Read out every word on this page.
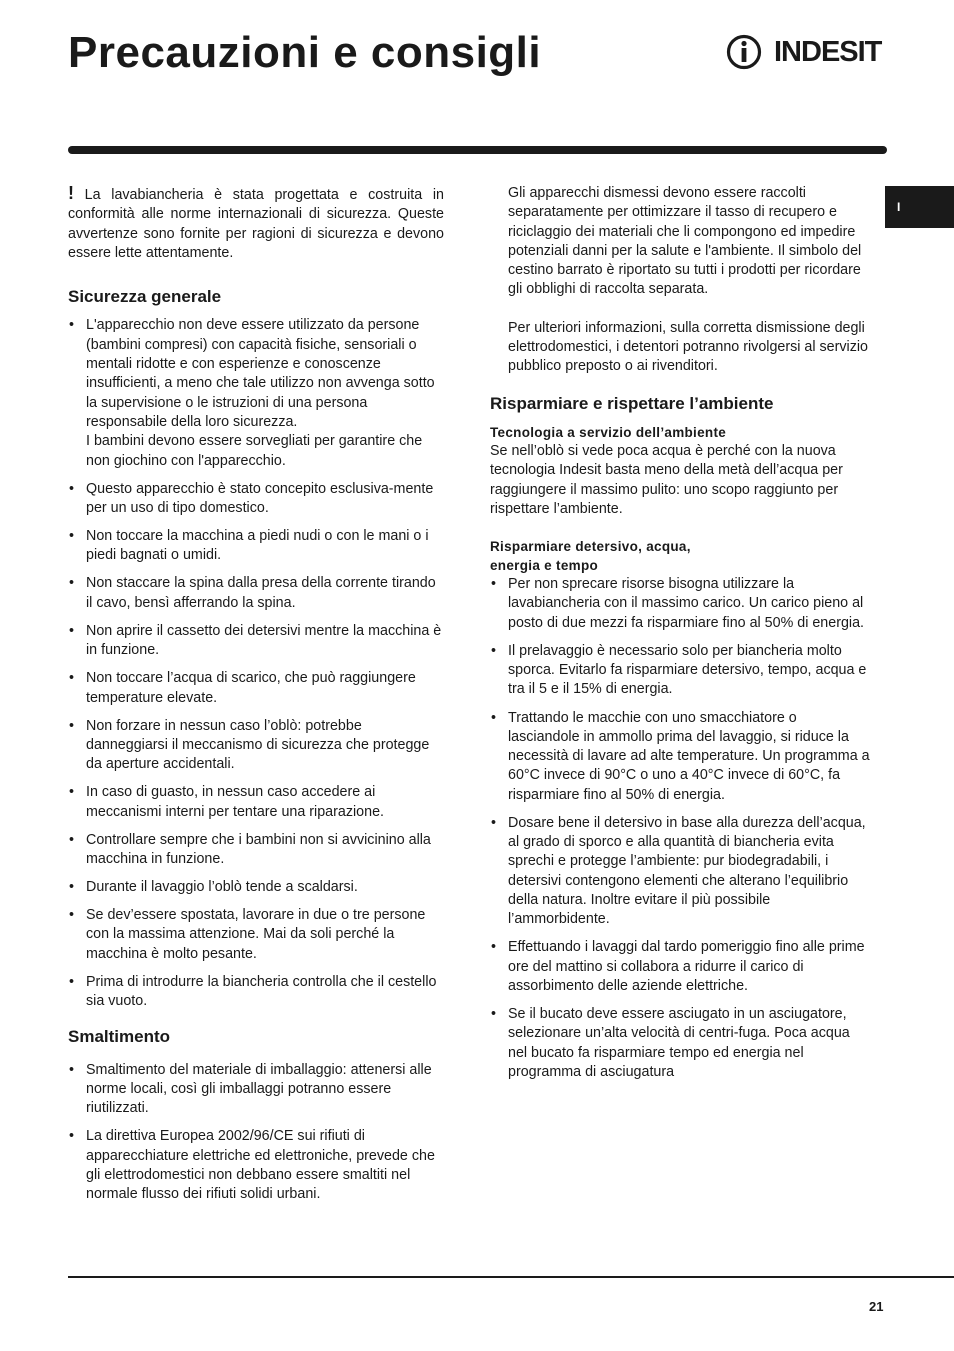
Precauzioni e consigli	INDESIT
I

! La lavabiancheria è stata progettata e costruita in conformità alle norme internazionali di sicurezza. Queste avvertenze sono fornite per ragioni di sicurezza e devono essere lette attentamente.

Sicurezza generale
• L'apparecchio non deve essere utilizzato da persone (bambini compresi) con capacità fisiche, sensoriali o mentali ridotte e con esperienze e conoscenze insufficienti, a meno che tale utilizzo non avvenga sotto la supervisione o le istruzioni di una persona responsabile della loro sicurezza.
I bambini devono essere sorvegliati per garantire che non giochino con l'apparecchio.
• Questo apparecchio è stato concepito esclusiva-mente per un uso di tipo domestico.
• Non toccare la macchina a piedi nudi o con le mani o i piedi bagnati o umidi.
• Non staccare la spina dalla presa della corrente tirando il cavo, bensì afferrando la spina.
• Non aprire il cassetto dei detersivi mentre la macchina è in funzione.
• Non toccare l’acqua di scarico, che può raggiungere temperature elevate.
• Non forzare in nessun caso l’oblò: potrebbe danneggiarsi il meccanismo di sicurezza che protegge da aperture accidentali.
• In caso di guasto, in nessun caso accedere ai meccanismi interni per tentare una riparazione.
• Controllare sempre che i bambini non si avvicinino alla macchina in funzione.
• Durante il lavaggio l’oblò tende a scaldarsi.
• Se dev’essere spostata, lavorare in due o tre persone con la massima attenzione. Mai da soli perché la macchina è molto pesante.
• Prima di introdurre la biancheria controlla che il cestello sia vuoto.
Smaltimento
• Smaltimento del materiale di imballaggio: attenersi alle norme locali, così gli imballaggi potranno essere riutilizzati.
• La direttiva Europea 2002/96/CE sui rifiuti di apparecchiature elettriche ed elettroniche, prevede che gli elettrodomestici non debbano essere smaltiti nel normale flusso dei rifiuti solidi urbani.

Gli apparecchi dismessi devono essere raccolti separatamente per ottimizzare il tasso di recupero e riciclaggio dei materiali che li compongono ed impedire potenziali danni per la salute e l'ambiente. Il simbolo del cestino barrato è riportato su tutti i prodotti per ricordare gli obblighi di raccolta separata.

Per ulteriori informazioni, sulla corretta dismissione degli elettrodomestici, i detentori potranno rivolgersi al servizio pubblico preposto o ai rivenditori.

Risparmiare e rispettare l’ambiente
Tecnologia a servizio dell’ambiente

Se nell’oblò si vede poca acqua è perché con la nuova tecnologia Indesit basta meno della metà dell’acqua per raggiungere il massimo pulito: uno scopo raggiunto per rispettare l’ambiente.

Risparmiare detersivo, acqua,
energia e tempo
• Per non sprecare risorse bisogna utilizzare la lavabiancheria con il massimo carico. Un carico pieno al posto di due mezzi fa risparmiare fino al 50% di energia.
• Il prelavaggio è necessario solo per biancheria molto sporca. Evitarlo fa risparmiare detersivo, tempo, acqua e tra il 5 e il 15% di energia.
• Trattando le macchie con uno smacchiatore o lasciandole in ammollo prima del lavaggio, si riduce la necessità di lavare ad alte temperature. Un programma a 60°C invece di 90°C o uno a 40°C invece di 60°C, fa risparmiare fino al 50% di energia.
• Dosare bene il detersivo in base alla durezza dell’acqua, al grado di sporco e alla quantità di biancheria evita sprechi e protegge l’ambiente: pur biodegradabili, i detersivi contengono elementi che alterano l’equilibrio della natura. Inoltre evitare il più possibile l’ammorbidente.
• Effettuando i lavaggi dal tardo pomeriggio fino alle prime ore del mattino si collabora a ridurre il carico di assorbimento delle aziende elettriche.
• Se il bucato deve essere asciugato in un asciugatore, selezionare un’alta velocità di centri-fuga. Poca acqua nel bucato fa risparmiare tempo ed energia nel programma di asciugatura
21
